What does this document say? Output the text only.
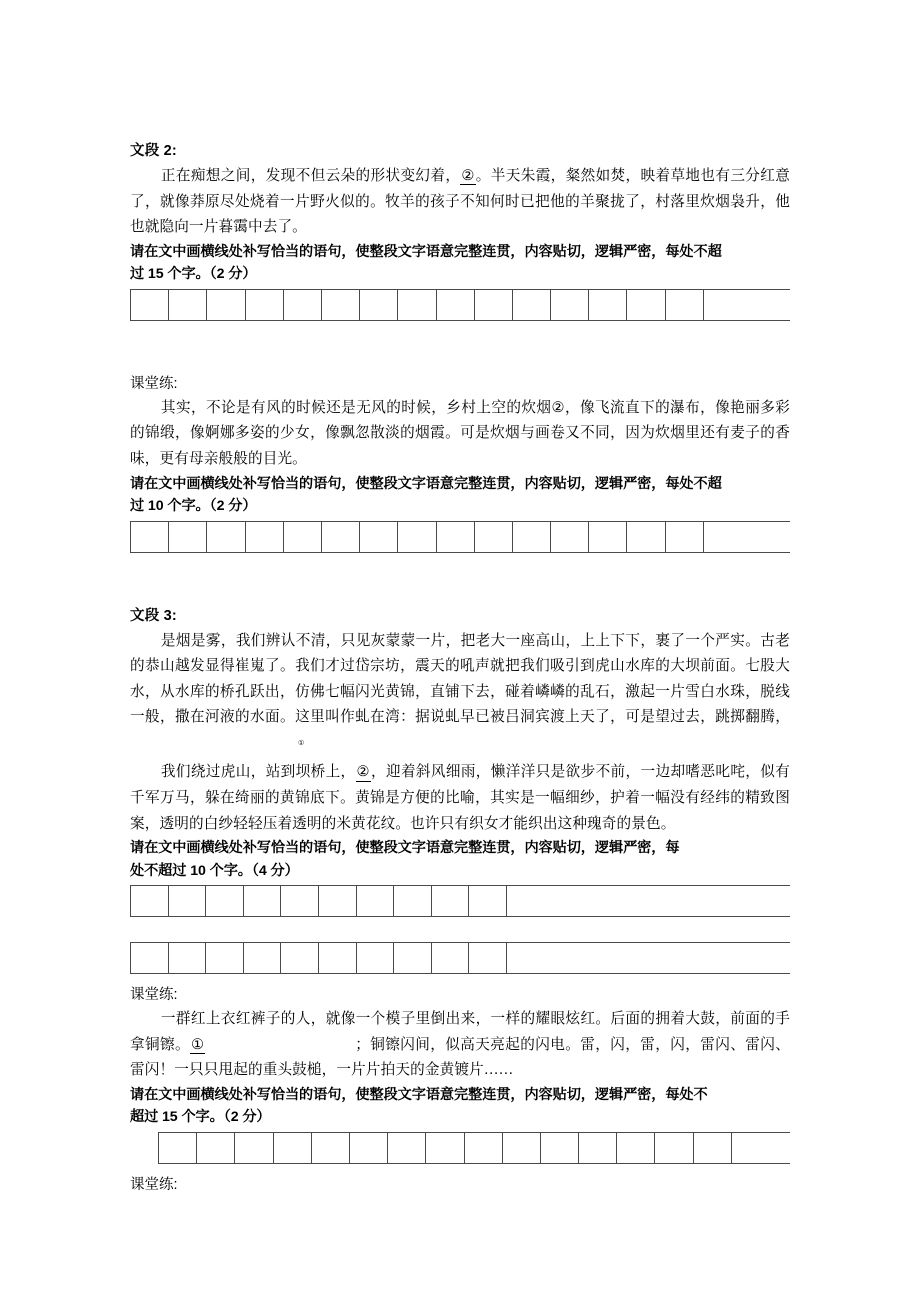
文段 2:

正在痴想之间，发现不但云朵的形状变幻着，②。半天朱霞，粲然如焚，映着草地也有三分红意了，就像莽原尽处烧着一片野火似的。牧羊的孩子不知何时已把他的羊聚拢了，村落里炊烟袅升，他也就隐向一片暮霭中去了。

请在文中画横线处补写恰当的语句，使整段文字语意完整连贯，内容贴切，逻辑严密，每处不超

过 15 个字。（2 分）

课堂练:

其实，不论是有风的时候还是无风的时候，乡村上空的炊烟②，像飞流直下的瀑布，像艳丽多彩的锦缎，像婀娜多姿的少女，像飘忽散淡的烟霞。可是炊烟与画卷又不同，因为炊烟里还有麦子的香味，更有母亲般般的目光。

请在文中画横线处补写恰当的语句，使整段文字语意完整连贯，内容贴切，逻辑严密，每处不超

过 10 个字。（2 分）

文段 3:

是烟是雾，我们辨认不清，只见灰蒙蒙一片，把老大一座高山，上上下下，裹了一个严实。古老的恭山越发显得崔嵬了。我们才过岱宗坊，震天的吼声就把我们吸引到虎山水库的大坝前面。七股大水，从水库的桥孔跃出，仿佛七幅闪光黄锦，直铺下去，碰着嶙嶙的乱石，激起一片雪白水珠，脱线一般，撒在河液的水面。这里叫作虬在湾：据说虬早已被吕洞宾渡上天了，可是望过去，跳掷翻腾，①

我们绕过虎山，站到坝桥上，②，迎着斜风细雨，懒洋洋只是欲步不前，一边却嗜恶叱咤，似有千军万马，躲在绮丽的黄锦底下。黄锦是方便的比喻，其实是一幅细纱，护着一幅没有经纬的精致图案，透明的白纱轻轻压着透明的米黄花纹。也许只有织女才能织出这种瑰奇的景色。

请在文中画横线处补写恰当的语句，使整段文字语意完整连贯，内容贴切，逻辑严密，每

处不超过 10 个字。（4 分）

课堂练:

一群红上衣红裤子的人，就像一个模子里倒出来，一样的耀眼炫红。后面的拥着大鼓，前面的手拿铜镲。①	；铜镲闪间，似高天亮起的闪电。雷，闪，雷，闪，雷闪、雷闪、雷闪！一只只甩起的重头鼓槌，一片片拍天的金黄镀片……

请在文中画横线处补写恰当的语句，使整段文字语意完整连贯，内容贴切，逻辑严密，每处不

超过 15 个字。（2 分）

课堂练:
